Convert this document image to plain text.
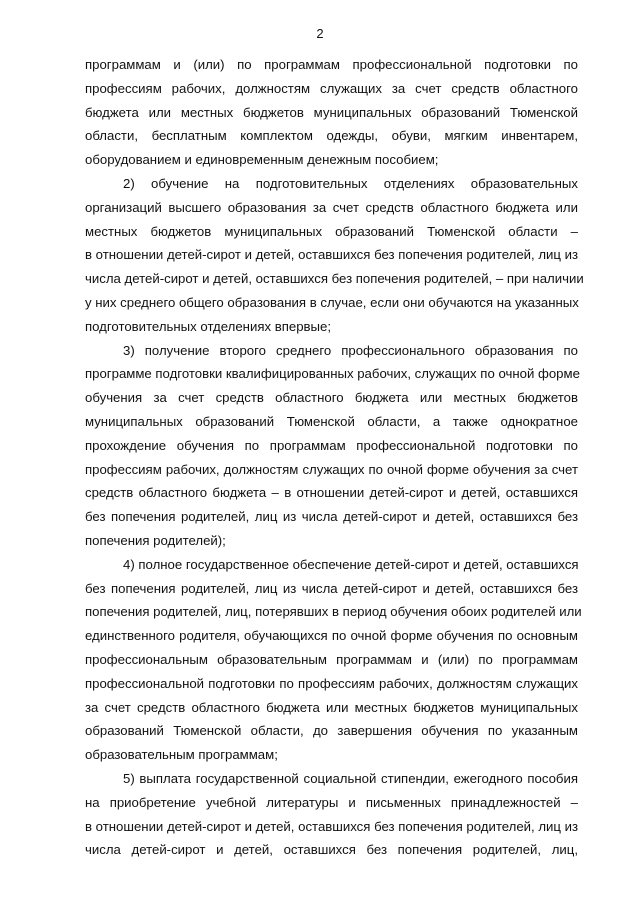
2
программам и (или) по программам профессиональной подготовки по
профессиям рабочих, должностям служащих за счет средств областного
бюджета или местных бюджетов муниципальных образований Тюменской
области, бесплатным комплектом одежды, обуви, мягким инвентарем,
оборудованием и единовременным денежным пособием;
2) обучение на подготовительных отделениях образовательных
организаций высшего образования за счет средств областного бюджета или
местных бюджетов муниципальных образований Тюменской области –
в отношении детей-сирот и детей, оставшихся без попечения родителей, лиц из
числа детей-сирот и детей, оставшихся без попечения родителей, – при наличии
у них среднего общего образования в случае, если они обучаются на указанных
подготовительных отделениях впервые;
3) получение второго среднего профессионального образования по
программе подготовки квалифицированных рабочих, служащих по очной форме
обучения за счет средств областного бюджета или местных бюджетов
муниципальных образований Тюменской области, а также однократное
прохождение обучения по программам профессиональной подготовки по
профессиям рабочих, должностям служащих по очной форме обучения за счет
средств областного бюджета – в отношении детей-сирот и детей, оставшихся
без попечения родителей, лиц из числа детей-сирот и детей, оставшихся без
попечения родителей);
4) полное государственное обеспечение детей-сирот и детей, оставшихся
без попечения родителей, лиц из числа детей-сирот и детей, оставшихся без
попечения родителей, лиц, потерявших в период обучения обоих родителей или
единственного родителя, обучающихся по очной форме обучения по основным
профессиональным образовательным программам и (или) по программам
профессиональной подготовки по профессиям рабочих, должностям служащих
за счет средств областного бюджета или местных бюджетов муниципальных
образований Тюменской области, до завершения обучения по указанным
образовательным программам;
5) выплата государственной социальной стипендии, ежегодного пособия
на приобретение учебной литературы и письменных принадлежностей –
в отношении детей-сирот и детей, оставшихся без попечения родителей, лиц из
числа детей-сирот и детей, оставшихся без попечения родителей, лиц,
